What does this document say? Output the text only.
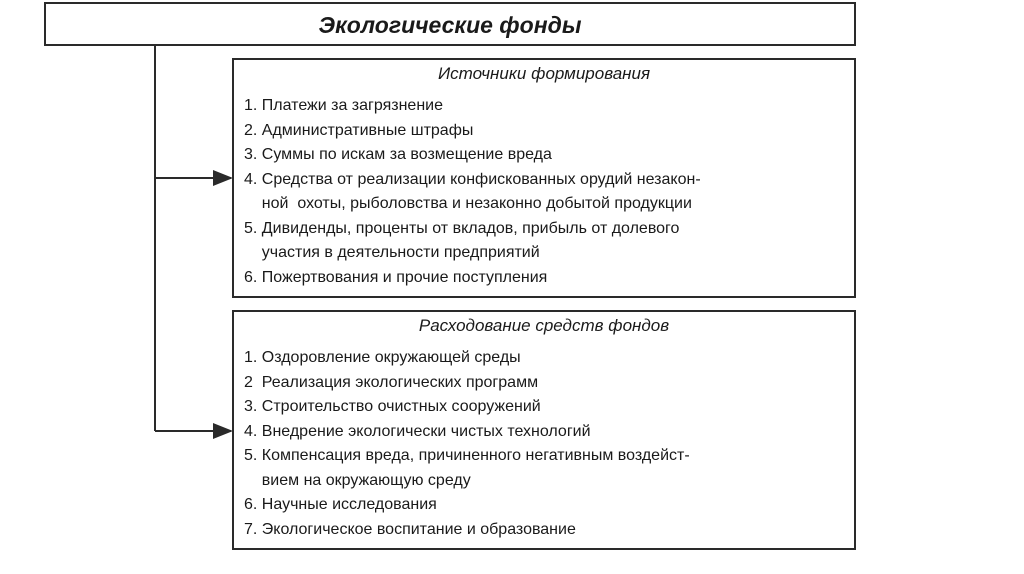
Экологические фонды
Источники формирования
1. Платежи за загрязнение
2. Административные штрафы
3. Суммы по искам за возмещение вреда
4. Средства от реализации конфискованных орудий незакон-
ной  охоты, рыболовства и незаконно добытой продукции
5. Дивиденды, проценты от вкладов, прибыль от долевого
участия в деятельности предприятий
6. Пожертвования и прочие поступления
Расходование средств фондов
1. Оздоровление окружающей среды
2  Реализация экологических программ
3. Строительство очистных сооружений
4. Внедрение экологически чистых технологий
5. Компенсация вреда, причиненного негативным воздейст-
вием на окружающую среду
6. Научные исследования
7. Экологическое воспитание и образование
